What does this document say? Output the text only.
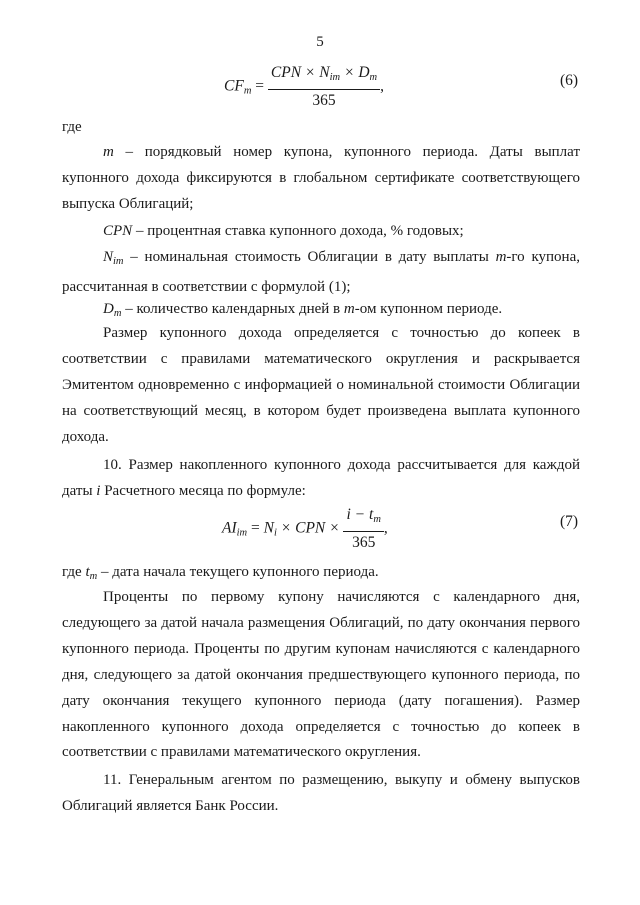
5
$CF_m = \frac{CPN \times N_{im} \times D_m}{365}$ ,	(6)
где

m – порядковый номер купона, купонного периода. Даты выплат купонного дохода фиксируются в глобальном сертификате соответствующего выпуска Облигаций;

CPN – процентная ставка купонного дохода, % годовых;

$N_{im}$ – номинальная стоимость Облигации в дату выплаты m-го купона, рассчитанная в соответствии с формулой (1);

$D_m$ – количество календарных дней в m-ом купонном периоде.

Размер купонного дохода определяется с точностью до копеек в соответствии с правилами математического округления и раскрывается Эмитентом одновременно с информацией о номинальной стоимости Облигации на соответствующий месяц, в котором будет произведена выплата купонного дохода.

10. Размер накопленного купонного дохода рассчитывается для каждой даты i Расчетного месяца по формуле:

$AI_{im} = N_i$ × CPN × $\frac{i - t_m}{365}$ ,	(7)
где $t_m$ – дата начала текущего купонного периода.

Проценты по первому купону начисляются с календарного дня, следующего за датой начала размещения Облигаций, по дату окончания первого купонного периода. Проценты по другим купонам начисляются с календарного дня, следующего за датой окончания предшествующего купонного периода, по дату окончания текущего купонного периода (дату погашения). Размер накопленного купонного дохода определяется с точностью до копеек в соответствии с правилами математического округления.

11. Генеральным агентом по размещению, выкупу и обмену выпусков Облигаций является Банк России.
